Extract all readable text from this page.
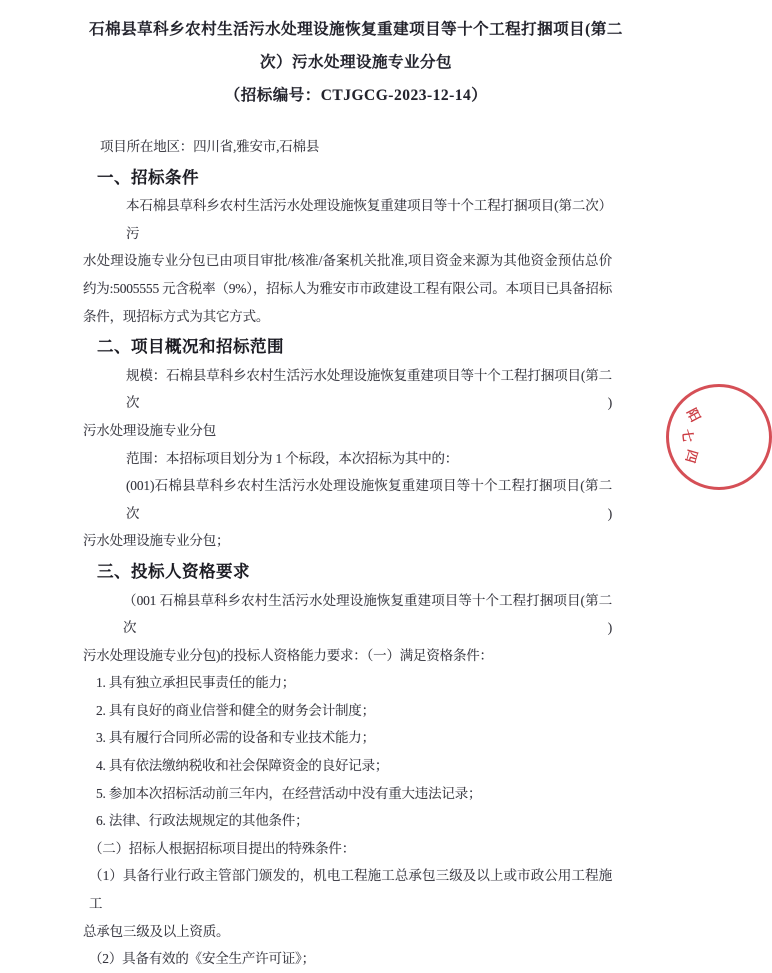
石棉县草科乡农村生活污水处理设施恢复重建项目等十个工程打捆项目(第二
次）污水处理设施专业分包
（招标编号：CTJGCG-2023-12-14）
项目所在地区：四川省,雅安市,石棉县
一、招标条件
本石棉县草科乡农村生活污水处理设施恢复重建项目等十个工程打捆项目(第二次）污
水处理设施专业分包已由项目审批/核准/备案机关批准,项目资金来源为其他资金预估总价
约为:5005555 元含税率（9%），招标人为雅安市市政建设工程有限公司。本项目已具备招标
条件，现招标方式为其它方式。
二、项目概况和招标范围
规模：石棉县草科乡农村生活污水处理设施恢复重建项目等十个工程打捆项目(第二次)
污水处理设施专业分包
范围：本招标项目划分为 1 个标段，本次招标为其中的：
(001)石棉县草科乡农村生活污水处理设施恢复重建项目等十个工程打捆项目(第二次)
污水处理设施专业分包；
三、投标人资格要求
（001 石棉县草科乡农村生活污水处理设施恢复重建项目等十个工程打捆项目(第二次)
污水处理设施专业分包)的投标人资格能力要求：（一）满足资格条件：
1. 具有独立承担民事责任的能力；
2. 具有良好的商业信誉和健全的财务会计制度；
3. 具有履行合同所必需的设备和专业技术能力；
4. 具有依法缴纳税收和社会保障资金的良好记录；
5. 参加本次招标活动前三年内，在经营活动中没有重大违法记录；
6. 法律、行政法规规定的其他条件；
（二）招标人根据招标项目提出的特殊条件：
（1）具备行业行政主管部门颁发的，机电工程施工总承包三级及以上或市政公用工程施工
总承包三级及以上资质。
（2）具备有效的《安全生产许可证》；
阳
七
四
